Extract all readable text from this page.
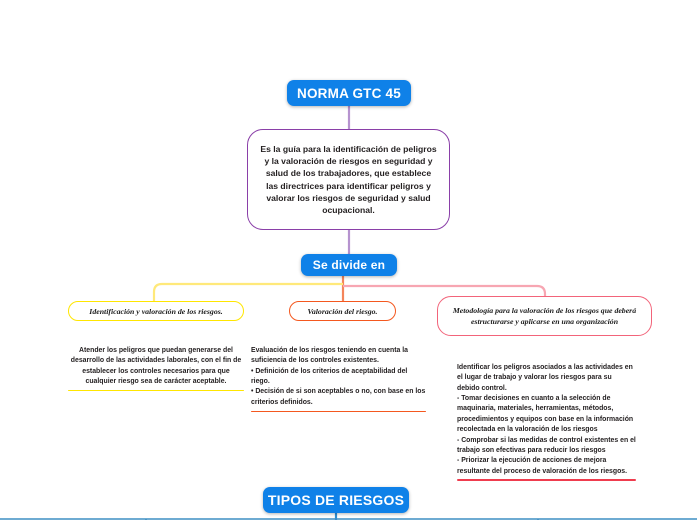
NORMA GTC 45
Es la guía para la identificación de peligros y la valoración de riesgos en seguridad y salud de los trabajadores, que establece las directrices para identificar peligros y valorar los riesgos de seguridad y salud ocupacional.
Se divide en
Identificación y valoración de los riesgos.

Atender los peligros que puedan generarse del desarrollo de las actividades laborales, con el fin de establecer los controles necesarios para que cualquier riesgo sea de carácter aceptable.

Valoración del riesgo.

Evaluación de los riesgos teniendo en cuenta la suficiencia de los controles existentes.

• Definición de los criterios de aceptabilidad del riego.

• Decisión de si son aceptables o no, con base en los criterios definidos.

Metodología para la valoración de los riesgos que deberá estructurarse y aplicarse en una organización

Identificar los peligros asociados a las actividades en el lugar de trabajo y valorar los riesgos para su debido control.

- Tomar decisiones en cuanto a la selección de maquinaria, materiales, herramientas, métodos, procedimientos y equipos con base en la información recolectada en la valoración de los riesgos

- Comprobar si las medidas de control existentes en el trabajo son efectivas para reducir los riesgos

- Priorizar la ejecución de acciones de mejora resultante del proceso de valoración de los riesgos.

TIPOS DE RIESGOS
